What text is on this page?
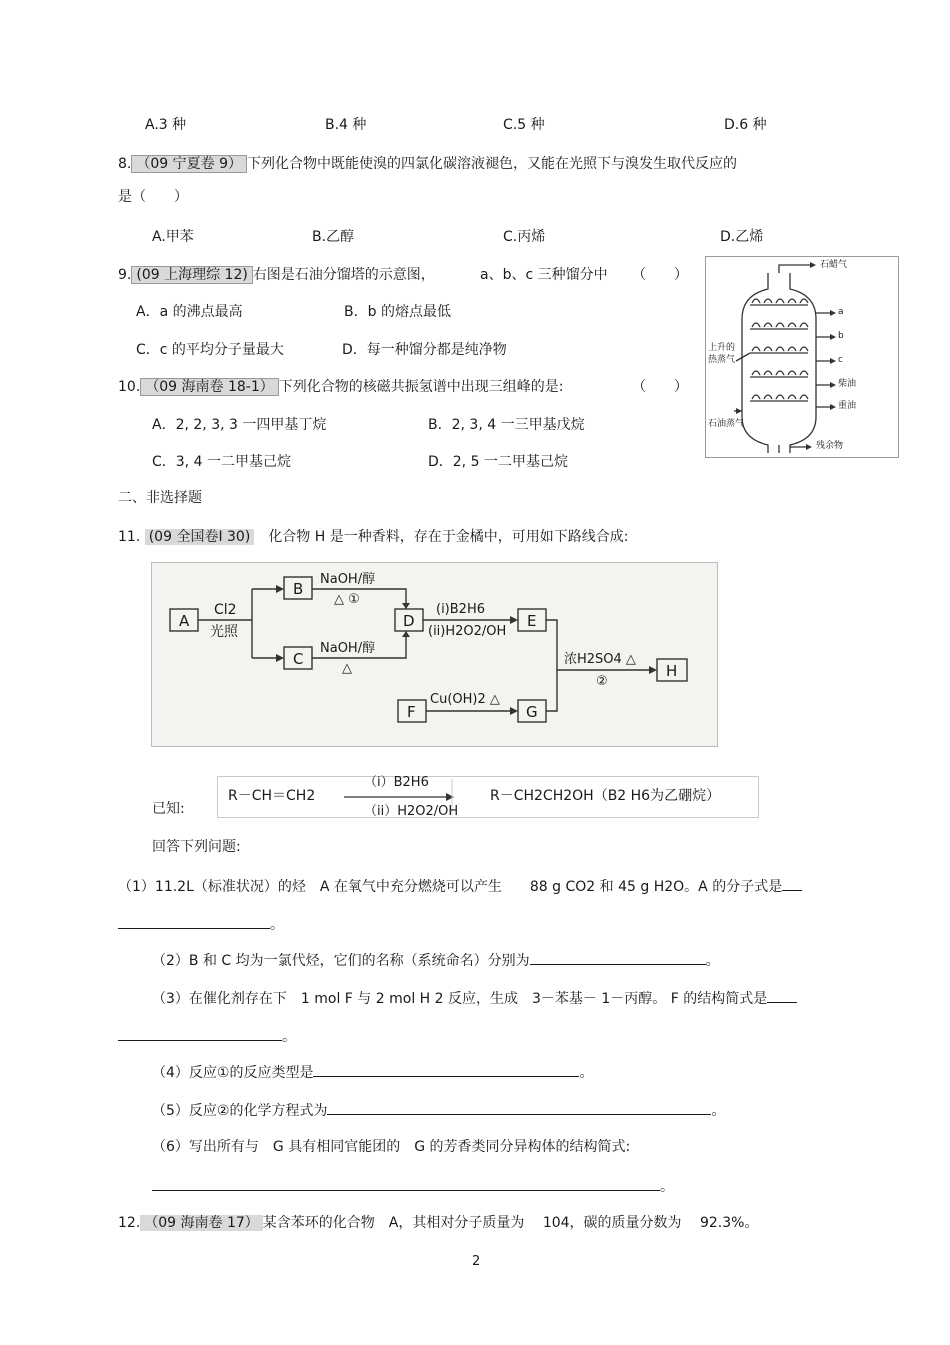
A.3 种	B.4 种	C.5 种	D.6 种
8. （09 宁夏卷 9） 下列化合物中既能使溴的四氯化碳溶液褪色，又能在光照下与溴发生取代反应的
是（　　）
A.甲苯	B.乙醇	C.丙烯	D.乙烯
9. (09 上海理综 12) 右图是石油分馏塔的示意图，	a、b、c 三种馏分中 （　　）
A．a 的沸点最高	B．b 的熔点最低
C．c 的平均分子量最大	D．每一种馏分都是纯净物
石蜡气
a
b
c
柴油
重油
上升的
热蒸气
石油蒸气
残余物
10. （09 海南卷 18-1） 下列化合物的核磁共振氢谱中出现三组峰的是:	（　　）
A．2, 2, 3, 3 一四甲基丁烷	B．2, 3, 4 一三甲基戊烷
C．3, 4 一二甲基己烷	D．2, 5 一二甲基己烷
二、非选择题
11. (09 全国卷Ⅰ 30)　 化合物 H 是一种香料，存在于金橘中，可用如下路线合成:
A
B
C
D	E
F	G
H
Cl2
光照
NaOH/醇
△ ①
NaOH/醇
△
(i)B2H6
(ii)H2O2/OH
浓H2SO4 △
②
Cu(OH)2 △
已知:
R－CH＝CH2
（i）B2H6
（ii）H2O2/OH
R－CH2CH2OH（B2 H6为乙硼烷）
回答下列问题:
（1）11.2L（标准状况）的烃　A 在氧气中充分燃烧可以产生　　88 g CO2 和 45 g H2O。A 的分子式是
。
（2）B 和 C 均为一氯代烃，它们的名称（系统命名）分别为	。
（3）在催化剂存在下　1 mol F 与 2 mol H 2 反应，生成　3－苯基－ 1－丙醇。 F 的结构简式是
。
（4）反应①的反应类型是	。
（5）反应②的化学方程式为	。
（6）写出所有与　G 具有相同官能团的　G 的芳香类同分异构体的结构简式:
。
12. （09 海南卷 17） 某含苯环的化合物　A，其相对分子质量为　 104，碳的质量分数为　 92.3%。
2
